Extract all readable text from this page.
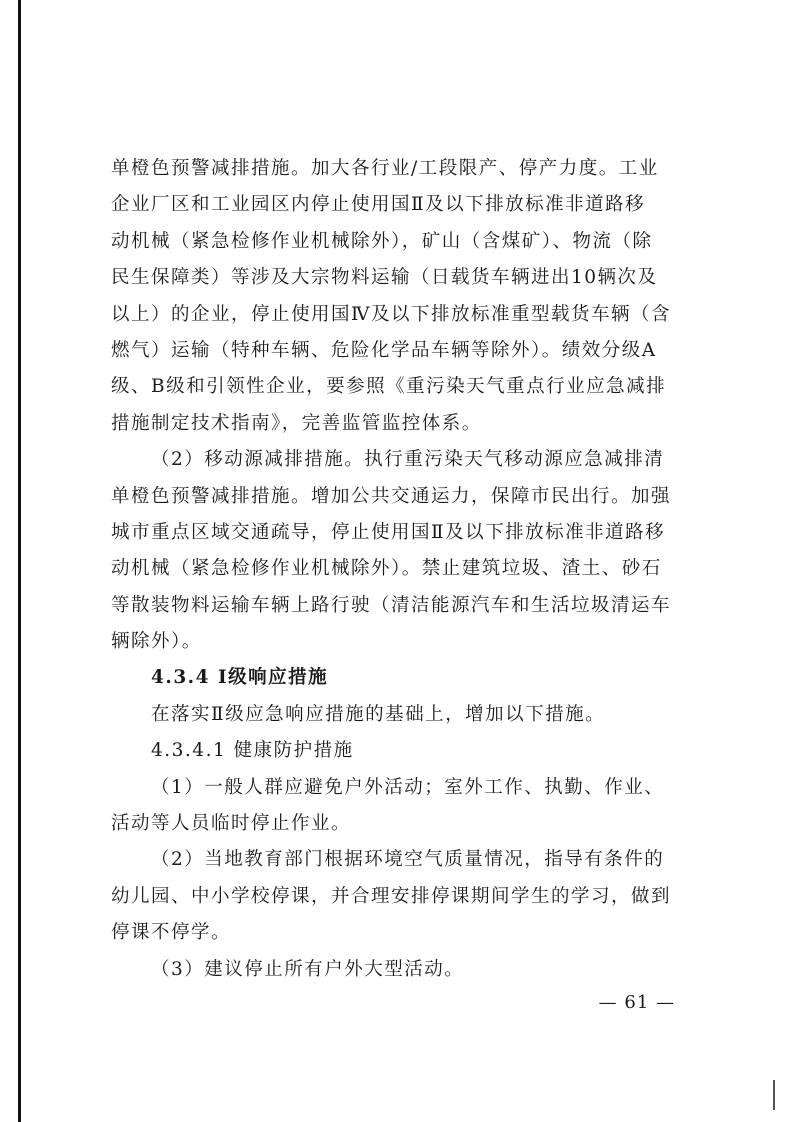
单橙色预警减排措施。加大各行业/工段限产、停产力度。工业
企业厂区和工业园区内停止使用国Ⅱ及以下排放标准非道路移
动机械（紧急检修作业机械除外），矿山（含煤矿）、物流（除
民生保障类）等涉及大宗物料运输（日载货车辆进出10辆次及
以上）的企业，停止使用国Ⅳ及以下排放标准重型载货车辆（含
燃气）运输（特种车辆、危险化学品车辆等除外）。绩效分级A
级、B级和引领性企业，要参照《重污染天气重点行业应急减排
措施制定技术指南》，完善监管监控体系。
（2）移动源减排措施。执行重污染天气移动源应急减排清
单橙色预警减排措施。增加公共交通运力，保障市民出行。加强
城市重点区域交通疏导，停止使用国Ⅱ及以下排放标准非道路移
动机械（紧急检修作业机械除外）。禁止建筑垃圾、渣土、砂石
等散装物料运输车辆上路行驶（清洁能源汽车和生活垃圾清运车
辆除外）。
4.3.4 Ⅰ级响应措施
在落实Ⅱ级应急响应措施的基础上，增加以下措施。
4.3.4.1 健康防护措施
（1）一般人群应避免户外活动；室外工作、执勤、作业、
活动等人员临时停止作业。
（2）当地教育部门根据环境空气质量情况，指导有条件的
幼儿园、中小学校停课，并合理安排停课期间学生的学习，做到
停课不停学。
（3）建议停止所有户外大型活动。
— 61 —
